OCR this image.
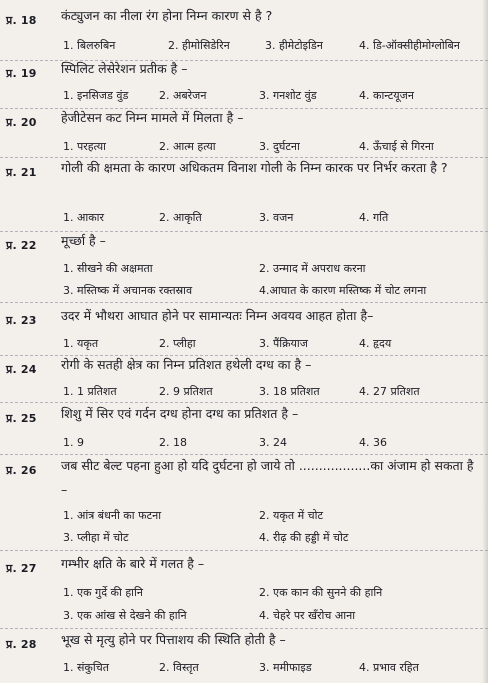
प्र. 18 कंट्युजन का नीला रंग होना निम्न कारण से है ?
1. बिलरुबिन	2. हीमोसिडेरिन	3. हीमेटोइडिन	4. डि-ऑक्सीहीमोग्लोबिन
प्र. 19 स्पिलिट लेसेरेशन प्रतीक है –
1. इनसिजड वुंड	2. अबरेजन	3. गनशोट वुंड	4. कान्टयूजन
प्र. 20 हेजीटेसन कट निम्न मामले में मिलता है –
1. परहत्या	2. आत्म हत्या	3. दुर्घटना	4. ऊँचाई से गिरना
प्र. 21 गोली की क्षमता के कारण अधिकतम विनाश गोली के निम्न कारक पर निर्भर करता है ?
1. आकार	2. आकृति	3. वजन	4. गति
प्र. 22 मूर्च्छा है –
1. सीखने की अक्षमता	2. उन्माद में अपराध करना
3. मस्तिष्क में अचानक रक्तस्राव	4.आघात के कारण मस्तिष्क में चोट लगना
प्र. 23 उदर में भौथरा आघात होने पर सामान्यतः निम्न अवयव आहत होता है–
1. यकृत	2. प्लीहा	3. पैंक्रियाज	4. हृदय
प्र. 24 रोगी के सतही क्षेत्र का निम्न प्रतिशत हथेली दग्ध का है –
1. 1 प्रतिशत	2. 9 प्रतिशत	3. 18 प्रतिशत	4. 27 प्रतिशत
प्र. 25 शिशु में सिर एवं गर्दन दग्ध होना दग्ध का प्रतिशत है –
1. 9	2. 18	3. 24	4. 36
प्र. 26 जब सीट बेल्ट पहना हुआ हो यदि दुर्घटना हो जाये तो ..................का अंजाम हो सकता है –
1. आंत्र बंधनी का फटना	2. यकृत में चोट
3. प्लीहा में चोट	4. रीढ़ की हड्डी में चोट
प्र. 27 गम्भीर क्षति के बारे में गलत है –
1. एक गुर्दे की हानि	2. एक कान की सुनने की हानि
3. एक आंख से देखने की हानि	4. चेहरे पर खँरोच आना
प्र. 28 भूख से मृत्यु होने पर पित्ताशय की स्थिति होती है –
1. संकुचित	2. विस्तृत	3. ममीफाइड	4. प्रभाव रहित
